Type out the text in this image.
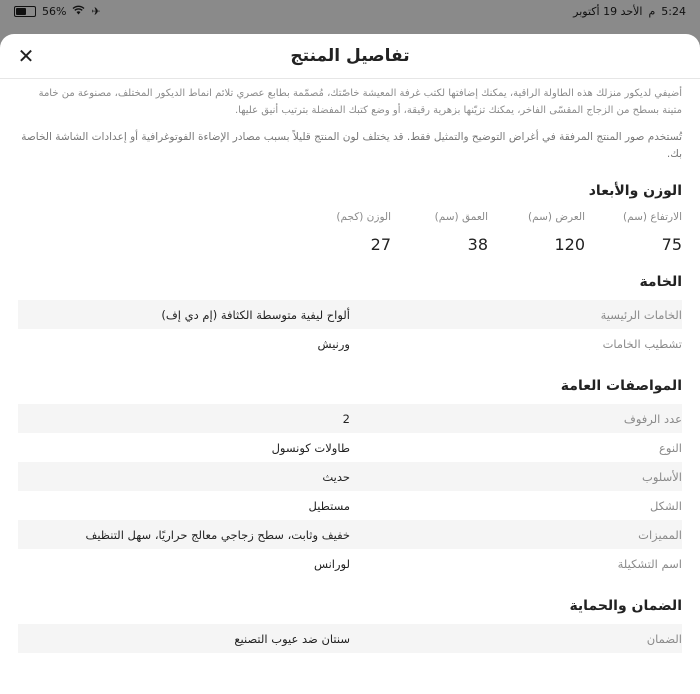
56% ✈	الأحد 19 أكتوبر م 5:24
✕	تفاصيل المنتج

أضيفي لديكور منزلك هذه الطاولة الراقية، يمكنك إضافتها لكتب غرفة المعيشة خاصّتك، مُصمّمة بطابع عصري تلائم انماط الديكور المختلف، مصنوعة من خامة متينة بسطح من الزجاج المقسّى الفاخر، يمكنك تزيّنها بزهرية رقيقة، أو وضع كتبك المفضلة بترتيب أنيق عليها.

تُستخدم صور المنتج المرفقة في أغراض التوضيح والتمثيل فقط. قد يختلف لون المنتج قليلاً بسبب مصادر الإضاءة الفوتوغرافية أو إعدادات الشاشة الخاصة بك.

الوزن والأبعاد
الارتفاع (سم)
75
العرض (سم)
120
العمق (سم)
38
الوزن (كجم)
27
الخامة
الخامات الرئيسية
ألواح ليفية متوسطة الكثافة (إم دي إف)
تشطيب الخامات
ورنيش
المواصفات العامة
عدد الرفوف
2
النوع
طاولات كونسول
الأسلوب
حديث
الشكل
مستطيل
المميزات
خفيف وثابت، سطح زجاجي معالج حراريًا، سهل التنظيف
اسم التشكيلة
لورانس
الضمان والحماية
الضمان
سنتان ضد عيوب التصنيع
